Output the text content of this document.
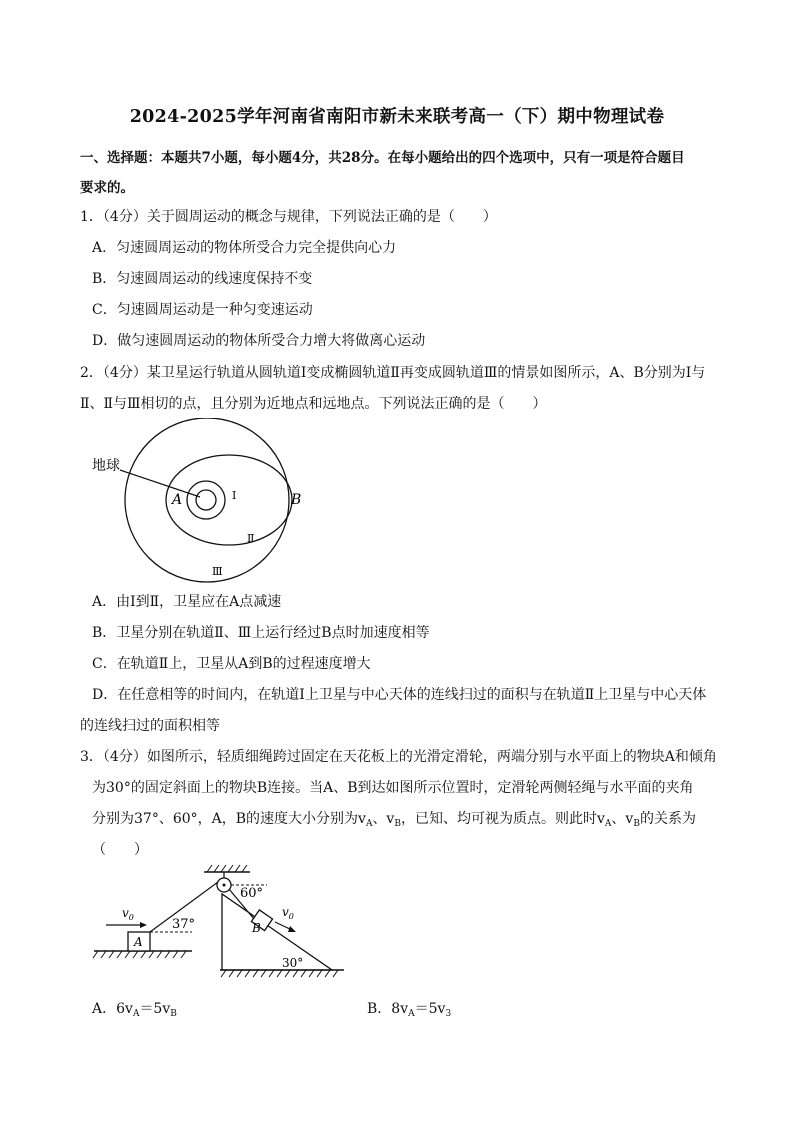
2024-2025学年河南省南阳市新未来联考高一（下）期中物理试卷
一、选择题：本题共7小题，每小题4分，共28分。在每小题给出的四个选项中，只有一项是符合题目
要求的。
1．（4分）关于圆周运动的概念与规律，下列说法正确的是（　　）
A．匀速圆周运动的物体所受合力完全提供向心力
B．匀速圆周运动的线速度保持不变
C．匀速圆周运动是一种匀变速运动
D．做匀速圆周运动的物体所受合力增大将做离心运动
2．（4分）某卫星运行轨道从圆轨道Ⅰ变成椭圆轨道Ⅱ再变成圆轨道Ⅲ的情景如图所示，A、B分别为Ⅰ与
Ⅱ、Ⅱ与Ⅲ相切的点，且分别为近地点和远地点。下列说法正确的是（　　）
地球
A	B
Ⅰ
Ⅱ
Ⅲ
A．由Ⅰ到Ⅱ，卫星应在A点减速
B．卫星分别在轨道Ⅱ、Ⅲ上运行经过B点时加速度相等
C．在轨道Ⅱ上，卫星从A到B的过程速度增大
D．在任意相等的时间内，在轨道Ⅰ上卫星与中心天体的连线扫过的面积与在轨道Ⅱ上卫星与中心天体
的连线扫过的面积相等
3．（4分）如图所示，轻质细绳跨过固定在天花板上的光滑定滑轮，两端分别与水平面上的物块A和倾角
为30°的固定斜面上的物块B连接。当A、B到达如图所示位置时，定滑轮两侧轻绳与水平面的夹角
分别为37°、60°，A，B的速度大小分别为$v_A$、$v_B$，已知、均可视为质点。则此时$v_A$、$v_B$的关系为
（　　）
60°
A
$v_0$	37°
30°
B
$v_0$
A．$6v_A=5v_B$	B．$8v_A=5v_3$
